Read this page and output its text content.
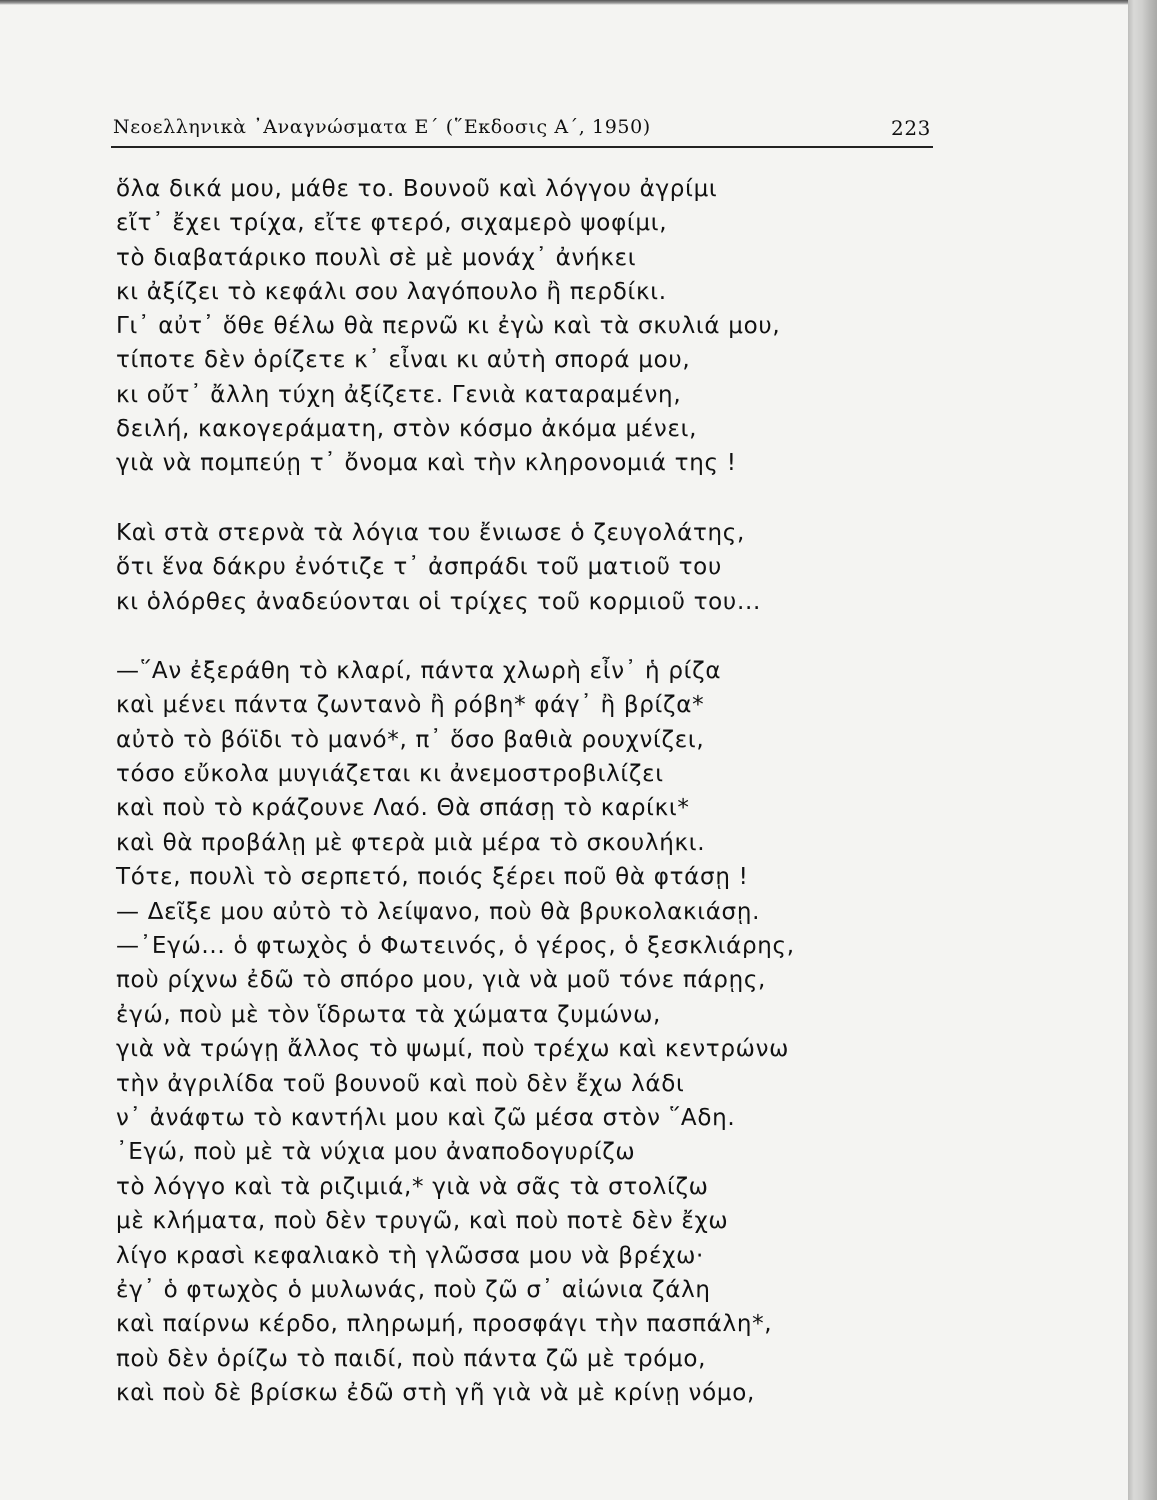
Νεοελληνικὰ ᾿Αναγνώσματα Ε΄ (῞Εκδοσις Α΄, 1950)	223
ὅλα δικά μου, μάθε το. Βουνοῦ καὶ λόγγου ἀγρίμι
εἴτ᾿ ἔχει τρίχα, εἴτε φτερό, σιχαμερὸ ψοφίμι,
τὸ διαβατάρικο πουλὶ σὲ μὲ μονάχ᾿ ἀνήκει
κι ἀξίζει τὸ κεφάλι σου λαγόπουλο ἢ περδίκι.
Γι᾿ αὐτ᾿ ὅθε θέλω θὰ περνῶ κι ἐγὼ καὶ τὰ σκυλιά μου,
τίποτε δὲν ὁρίζετε κ᾿ εἶναι κι αὐτὴ σπορά μου,
κι οὔτ᾿ ἄλλη τύχη ἀξίζετε. Γενιὰ καταραμένη,
δειλή, κακογεράματη, στὸν κόσμο ἀκόμα μένει,
γιὰ νὰ πομπεύῃ τ᾿ ὄνομα καὶ τὴν κληρονομιά της !
Καὶ στὰ στερνὰ τὰ λόγια του ἔνιωσε ὁ ζευγολάτης,
ὅτι ἕνα δάκρυ ἐνότιζε τ᾿ ἀσπράδι τοῦ ματιοῦ του
κι ὁλόρθες ἀναδεύονται οἱ τρίχες τοῦ κορμιοῦ του...
—῞Αν ἐξεράθη τὸ κλαρί, πάντα χλωρὴ εἶν᾿ ἡ ρίζα
καὶ μένει πάντα ζωντανὸ ἢ ρόβη* φάγ᾿ ἢ βρίζα*
αὐτὸ τὸ βόϊδι τὸ μανό*, π᾿ ὅσο βαθιὰ ρουχνίζει,
τόσο εὔκολα μυγιάζεται κι ἀνεμοστροβιλίζει
καὶ ποὺ τὸ κράζουνε Λαό. Θὰ σπάσῃ τὸ καρίκι*
καὶ θὰ προβάλῃ μὲ φτερὰ μιὰ μέρα τὸ σκουλήκι.
Τότε, πουλὶ τὸ σερπετό, ποιός ξέρει ποῦ θὰ φτάσῃ !
— Δεῖξε μου αὐτὸ τὸ λείψανο, ποὺ θὰ βρυκολακιάσῃ.
—᾿Εγώ... ὁ φτωχὸς ὁ Φωτεινός, ὁ γέρος, ὁ ξεσκλιάρης,
ποὺ ρίχνω ἐδῶ τὸ σπόρο μου, γιὰ νὰ μοῦ τόνε πάρῃς,
ἐγώ, ποὺ μὲ τὸν ἵδρωτα τὰ χώματα ζυμώνω,
γιὰ νὰ τρώγῃ ἄλλος τὸ ψωμί, ποὺ τρέχω καὶ κεντρώνω
τὴν ἀγριλίδα τοῦ βουνοῦ καὶ ποὺ δὲν ἔχω λάδι
ν᾿ ἀνάφτω τὸ καντήλι μου καὶ ζῶ μέσα στὸν ῞Αδη.
᾿Εγώ, ποὺ μὲ τὰ νύχια μου ἀναποδογυρίζω
τὸ λόγγο καὶ τὰ ριζιμιά,* γιὰ νὰ σᾶς τὰ στολίζω
μὲ κλήματα, ποὺ δὲν τρυγῶ, καὶ ποὺ ποτὲ δὲν ἔχω
λίγο κρασὶ κεφαλιακὸ τὴ γλῶσσα μου νὰ βρέχω·
ἐγ᾿ ὁ φτωχὸς ὁ μυλωνάς, ποὺ ζῶ σ᾿ αἰώνια ζάλη
καὶ παίρνω κέρδο, πληρωμή, προσφάγι τὴν πασπάλη*,
ποὺ δὲν ὁρίζω τὸ παιδί, ποὺ πάντα ζῶ μὲ τρόμο,
καὶ ποὺ δὲ βρίσκω ἐδῶ στὴ γῆ γιὰ νὰ μὲ κρίνῃ νόμο,
